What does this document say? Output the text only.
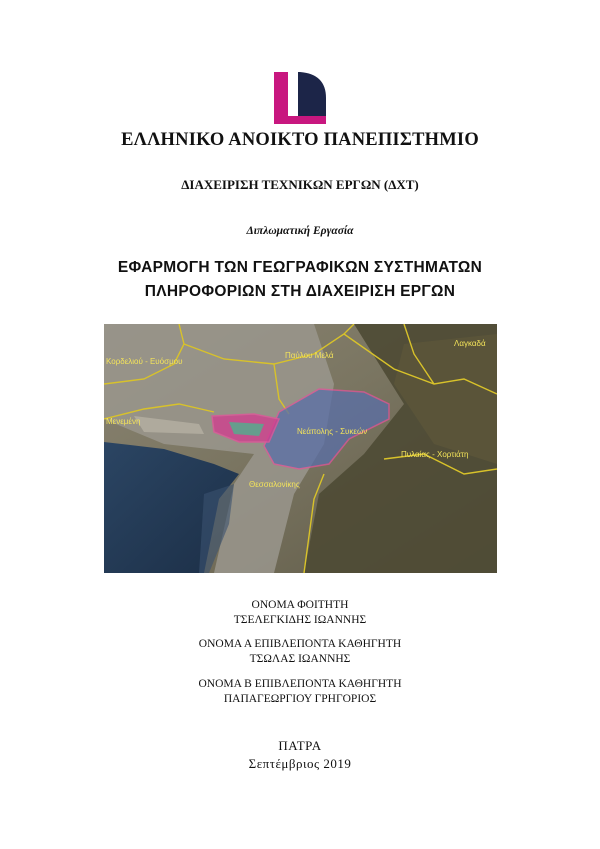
ΕΛΛΗΝΙΚΟ ΑΝΟΙΚΤΟ ΠΑΝΕΠΙΣΤΗΜΙΟ
ΔΙΑΧΕΙΡΙΣΗ ΤΕΧΝΙΚΩΝ ΕΡΓΩΝ (ΔΧΤ)
Διπλωματική Εργασία
ΕΦΑΡΜΟΓΗ ΤΩΝ ΓΕΩΓΡΑΦΙΚΩΝ ΣΥΣΤΗΜΑΤΩΝ
ΠΛΗΡΟΦΟΡΙΩΝ ΣΤΗ ΔΙΑΧΕΙΡΙΣΗ ΕΡΓΩΝ
Κορδελιού - Ευόσμου
Παύλου Μελά
Λαγκαδά
Μενεμένη
Νεάπολης - Συκεών
Πυλαίας - Χορτιάτη
Θεσσαλονίκης
ΟΝΟΜΑ ΦΟΙΤΗΤΗ
ΤΣΕΛΕΓΚΙΔΗΣ ΙΩΑΝΝΗΣ
ΟΝΟΜΑ Α ΕΠΙΒΛΕΠΟΝΤΑ ΚΑΘΗΓΗΤΗ
ΤΣΩΛΑΣ ΙΩΑΝΝΗΣ
ΟΝΟΜΑ Β ΕΠΙΒΛΕΠΟΝΤΑ ΚΑΘΗΓΗΤΗ
ΠΑΠΑΓΕΩΡΓΙΟΥ ΓΡΗΓΟΡΙΟΣ
ΠΑΤΡΑ
Σεπτέμβριος 2019
